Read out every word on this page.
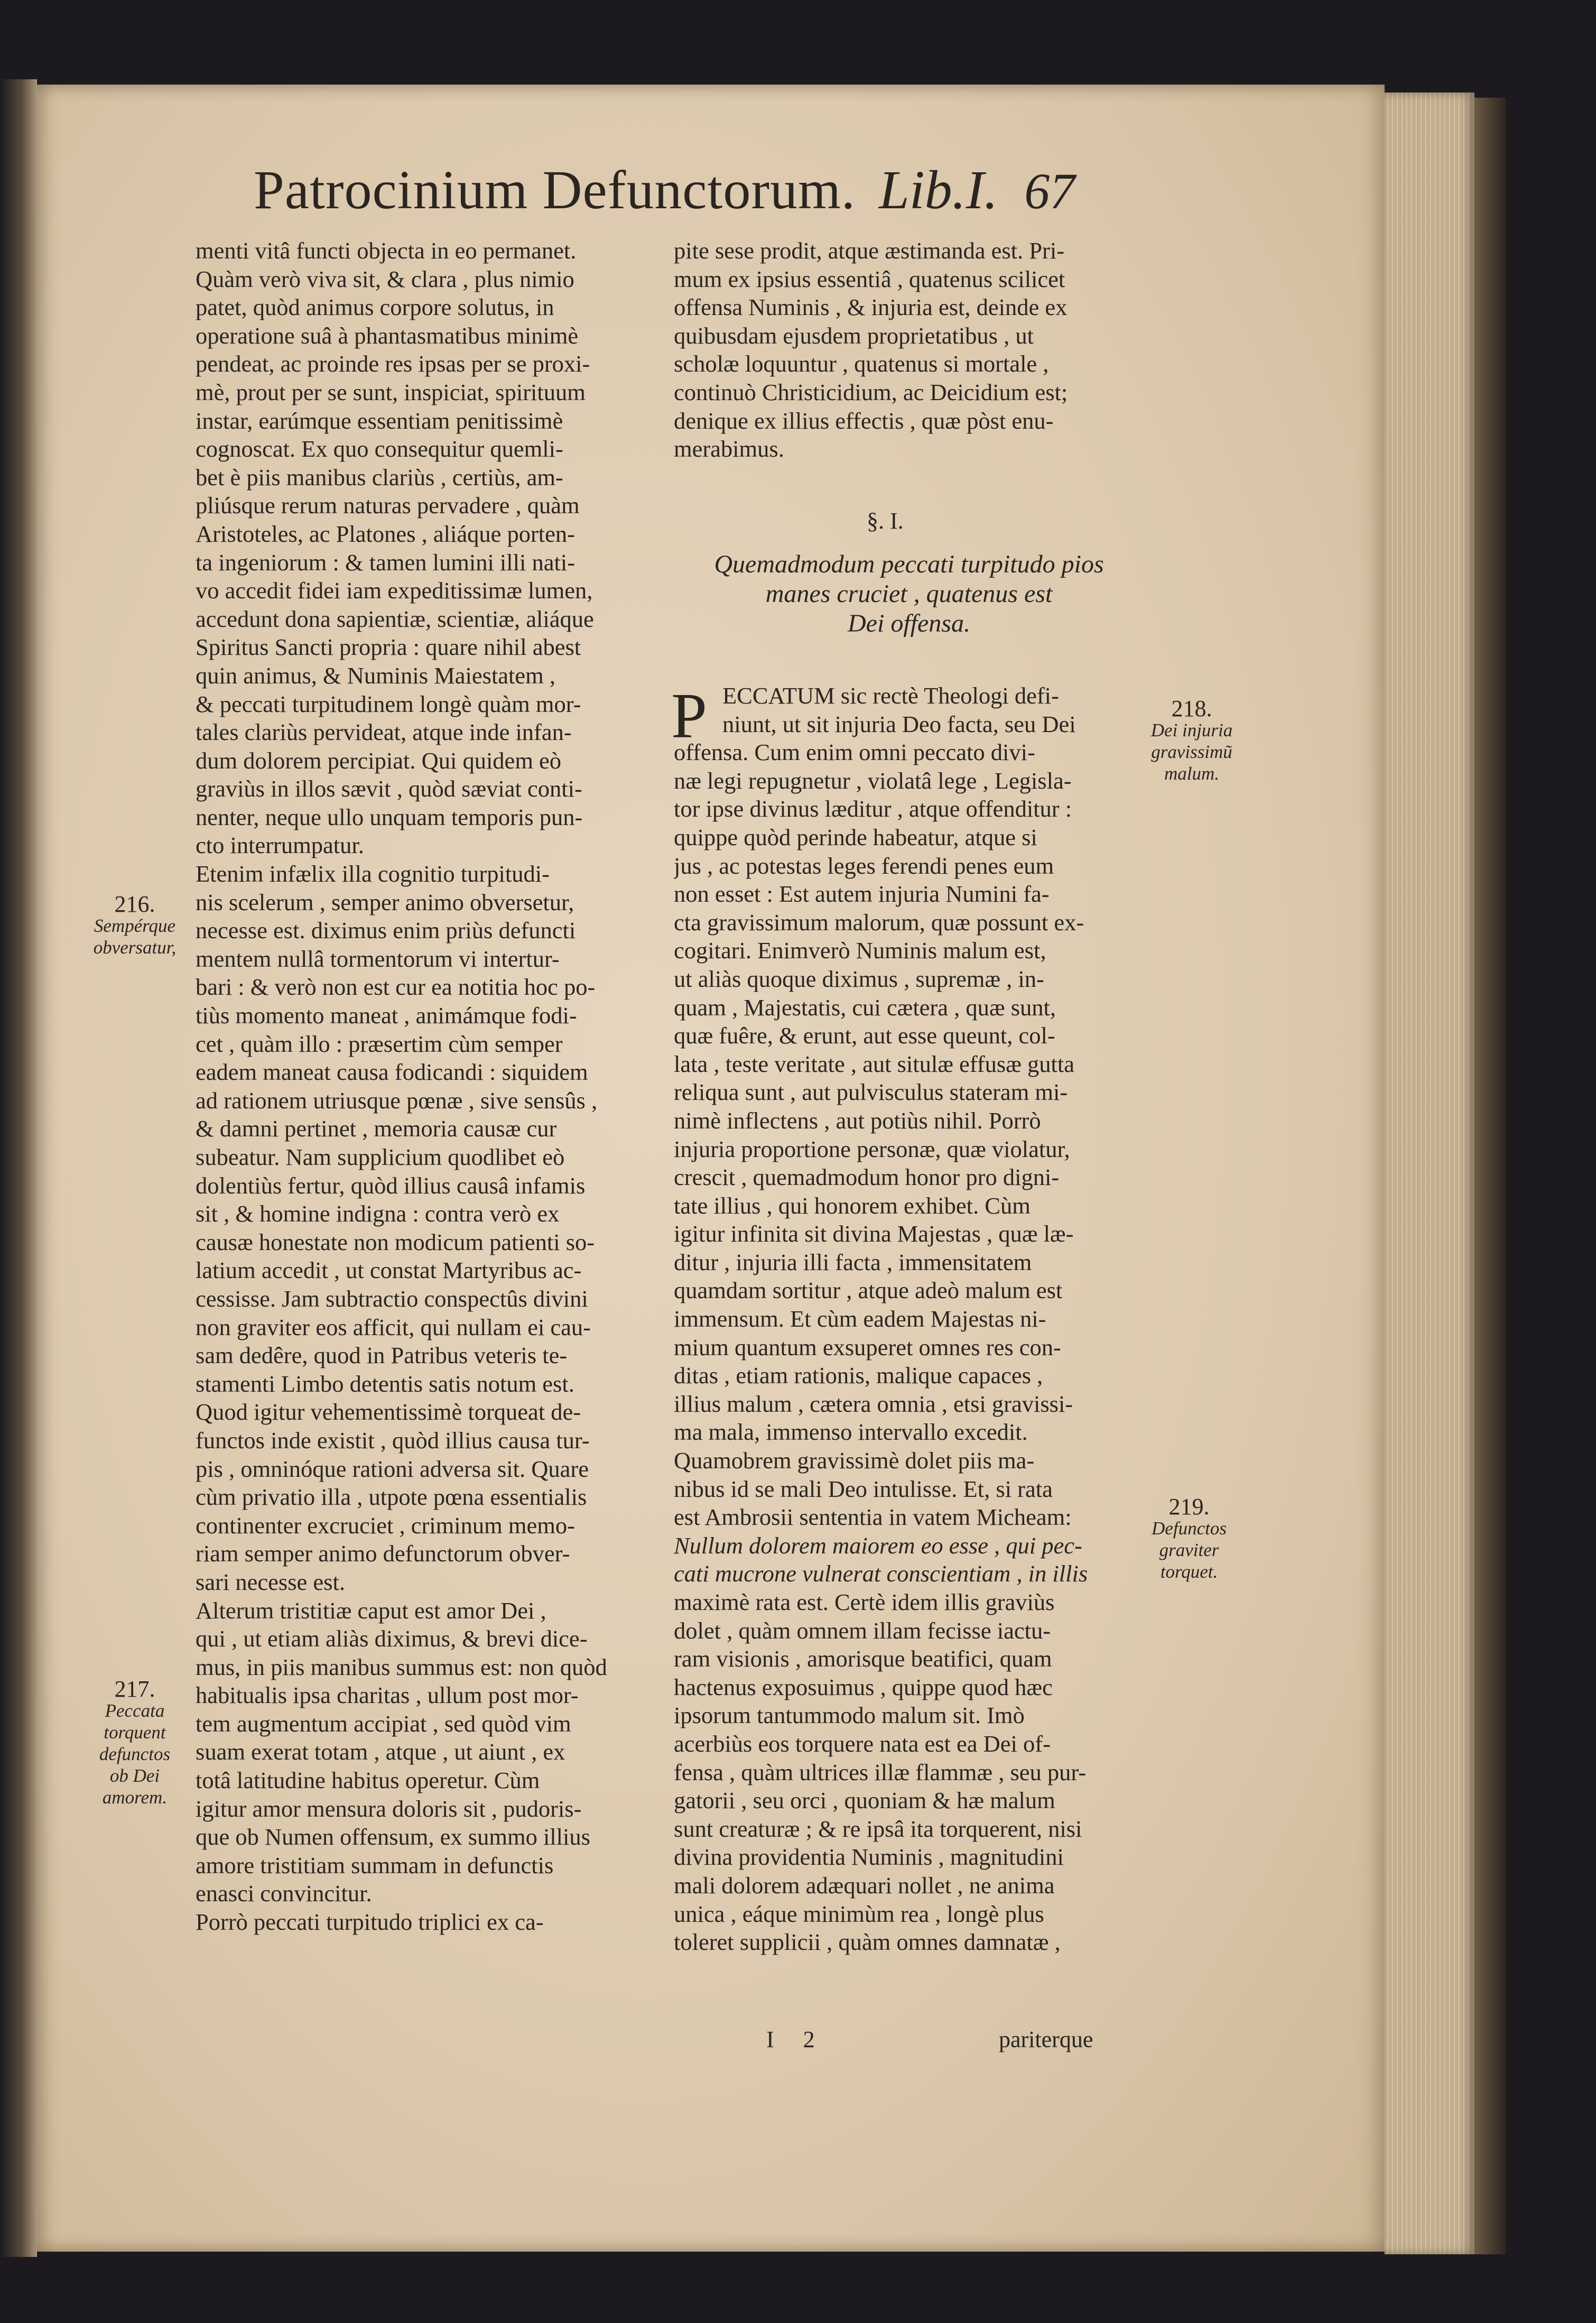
Patrocinium Defunctorum. Lib.I. 67
menti vitâ functi objecta in eo permanet.
Quàm verò viva sit, & clara , plus nimio
patet, quòd animus corpore solutus, in
operatione suâ à phantasmatibus minimè
pendeat, ac proinde res ipsas per se proxi-
mè, prout per se sunt, inspiciat, spirituum
instar, earúmque essentiam penitissimè
cognoscat. Ex quo consequitur quemli-
bet è piis manibus clariùs , certiùs, am-
pliúsque rerum naturas pervadere , quàm
Aristoteles, ac Platones , aliáque porten-
ta ingeniorum : & tamen lumini illi nati-
vo accedit fidei iam expeditissimæ lumen,
accedunt dona sapientiæ, scientiæ, aliáque
Spiritus Sancti propria : quare nihil abest
quin animus, & Numinis Maiestatem ,
& peccati turpitudinem longè quàm mor-
tales clariùs pervideat, atque inde infan-
dum dolorem percipiat. Qui quidem eò
graviùs in illos sævit , quòd sæviat conti-
nenter, neque ullo unquam temporis pun-
cto interrumpatur.
Etenim infælix illa cognitio turpitudi-
nis scelerum , semper animo obversetur,
necesse est. diximus enim priùs defuncti
mentem nullâ tormentorum vi intertur-
bari : & verò non est cur ea notitia hoc po-
tiùs momento maneat , animámque fodi-
cet , quàm illo : præsertim cùm semper
eadem maneat causa fodicandi : siquidem
ad rationem utriusque pœnæ , sive sensûs ,
& damni pertinet , memoria causæ cur
subeatur. Nam supplicium quodlibet eò
dolentiùs fertur, quòd illius causâ infamis
sit , & homine indigna : contra verò ex
causæ honestate non modicum patienti so-
latium accedit , ut constat Martyribus ac-
cessisse. Jam subtractio conspectûs divini
non graviter eos afficit, qui nullam ei cau-
sam dedêre, quod in Patribus veteris te-
stamenti Limbo detentis satis notum est.
Quod igitur vehementissimè torqueat de-
functos inde existit , quòd illius causa tur-
pis , omninóque rationi adversa sit. Quare
cùm privatio illa , utpote pœna essentialis
continenter excruciet , criminum memo-
riam semper animo defunctorum obver-
sari necesse est.
Alterum tristitiæ caput est amor Dei ,
qui , ut etiam aliàs diximus, & brevi dice-
mus, in piis manibus summus est: non quòd
habitualis ipsa charitas , ullum post mor-
tem augmentum accipiat , sed quòd vim
suam exerat totam , atque , ut aiunt , ex
totâ latitudine habitus operetur. Cùm
igitur amor mensura doloris sit , pudoris-
que ob Numen offensum, ex summo illius
amore tristitiam summam in defunctis
enasci convincitur.
Porrò peccati turpitudo triplici ex ca-
pite sese prodit, atque æstimanda est. Pri-
mum ex ipsius essentiâ , quatenus scilicet
offensa Numinis , & injuria est, deinde ex
quibusdam ejusdem proprietatibus , ut
scholæ loquuntur , quatenus si mortale ,
continuò Christicidium, ac Deicidium est;
denique ex illius effectis , quæ pòst enu-
merabimus.
§. I.
Quemadmodum peccati turpitudo pios
manes cruciet , quatenus est
Dei offensa.
P ECCATUM sic rectè Theologi defi-
niunt, ut sit injuria Deo facta, seu Dei
offensa. Cum enim omni peccato divi-
næ legi repugnetur , violatâ lege , Legisla-
tor ipse divinus læditur , atque offenditur :
quippe quòd perinde habeatur, atque si
jus , ac potestas leges ferendi penes eum
non esset : Est autem injuria Numini fa-
cta gravissimum malorum, quæ possunt ex-
cogitari. Enimverò Numinis malum est,
ut aliàs quoque diximus , supremæ , in-
quam , Majestatis, cui cætera , quæ sunt,
quæ fuêre, & erunt, aut esse queunt, col-
lata , teste veritate , aut situlæ effusæ gutta
reliqua sunt , aut pulvisculus stateram mi-
nimè inflectens , aut potiùs nihil. Porrò
injuria proportione personæ, quæ violatur,
crescit , quemadmodum honor pro digni-
tate illius , qui honorem exhibet. Cùm
igitur infinita sit divina Majestas , quæ læ-
ditur , injuria illi facta , immensitatem
quamdam sortitur , atque adeò malum est
immensum. Et cùm eadem Majestas ni-
mium quantum exsuperet omnes res con-
ditas , etiam rationis, malique capaces ,
illius malum , cætera omnia , etsi gravissi-
ma mala, immenso intervallo excedit.
Quamobrem gravissimè dolet piis ma-
nibus id se mali Deo intulisse. Et, si rata
est Ambrosii sententia in vatem Micheam:
Nullum dolorem maiorem eo esse , qui pec-
cati mucrone vulnerat conscientiam , in illis
maximè rata est. Certè idem illis graviùs
dolet , quàm omnem illam fecisse iactu-
ram visionis , amorisque beatifici, quam
hactenus exposuimus , quippe quod hæc
ipsorum tantummodo malum sit. Imò
acerbiùs eos torquere nata est ea Dei of-
fensa , quàm ultrices illæ flammæ , seu pur-
gatorii , seu orci , quoniam & hæ malum
sunt creaturæ ; & re ipsâ ita torquerent, nisi
divina providentia Numinis , magnitudini
mali dolorem adæquari nollet , ne anima
unica , eáque minimùm rea , longè plus
toleret supplicii , quàm omnes damnatæ ,
216.
Sempérque
obversatur,
217.
Peccata
torquent
defunctos
ob Dei
amorem.
218.
Dei injuria
gravissimũ
malum.
219.
Defunctos
graviter
torquet.
I 2	pariterque
